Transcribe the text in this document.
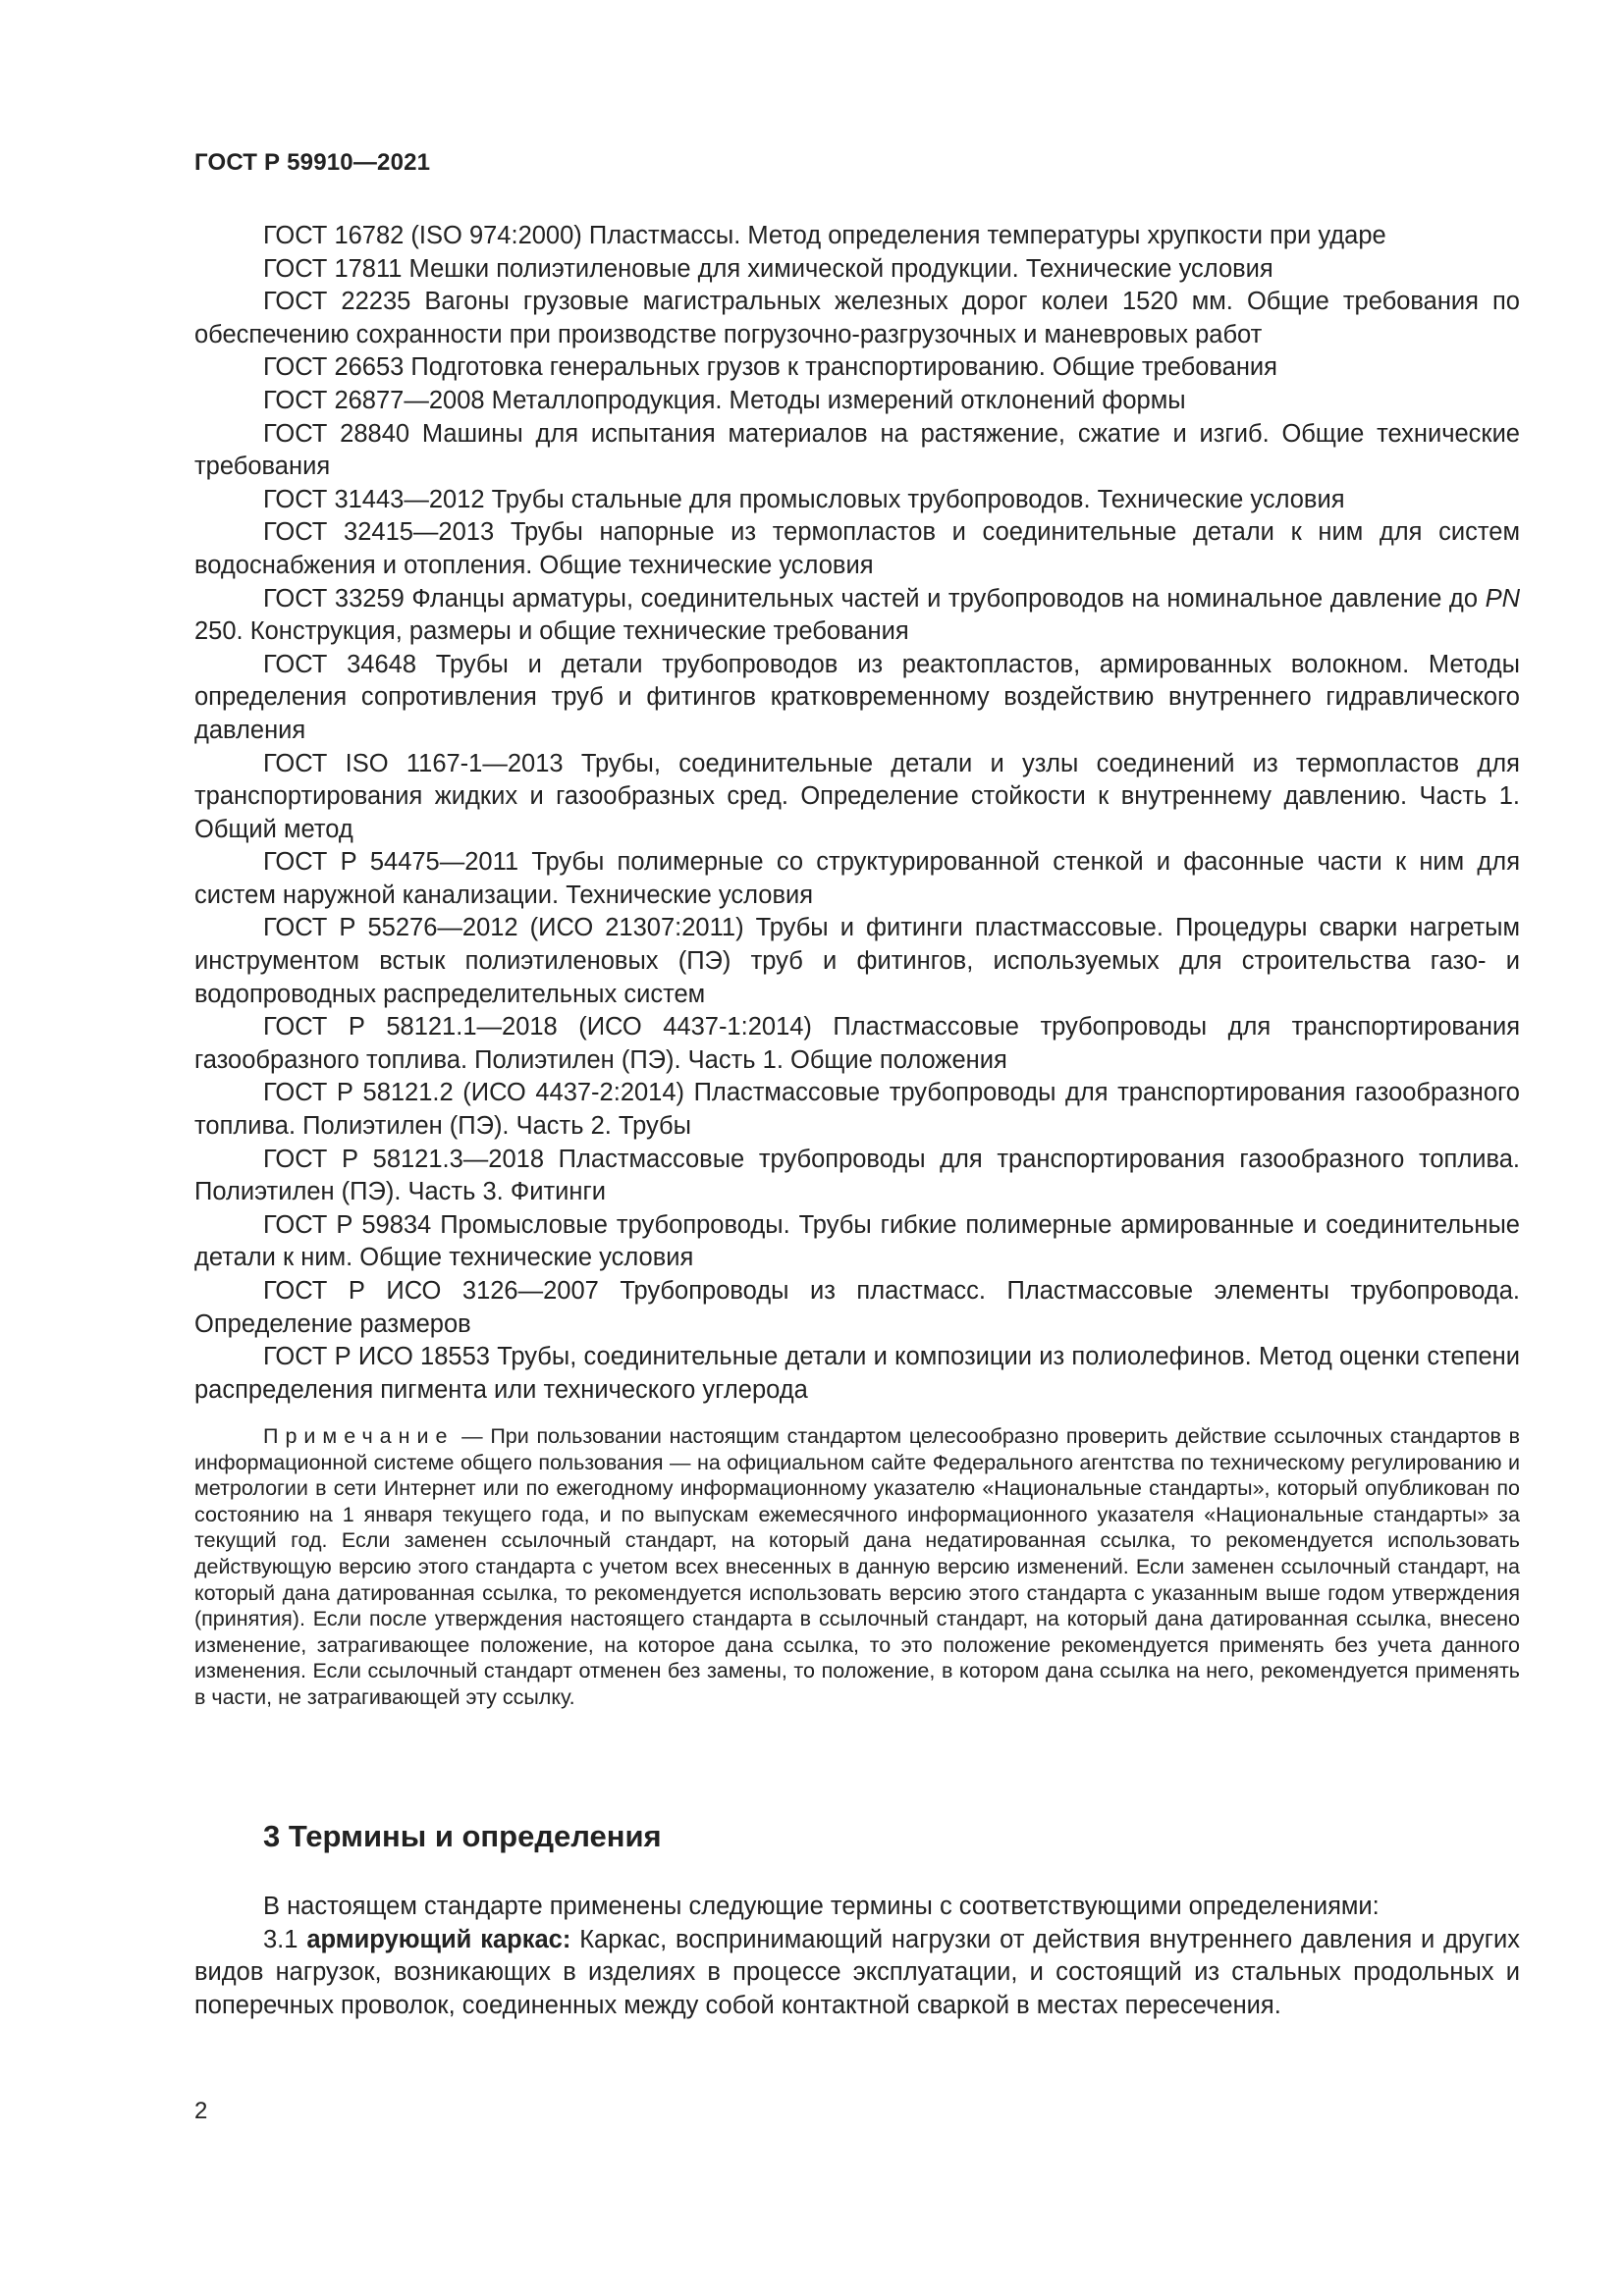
ГОСТ Р 59910—2021

ГОСТ 16782 (ISO 974:2000) Пластмассы. Метод определения температуры хрупкости при ударе

ГОСТ 17811 Мешки полиэтиленовые для химической продукции. Технические условия

ГОСТ 22235 Вагоны грузовые магистральных железных дорог колеи 1520 мм. Общие требования по обеспечению сохранности при производстве погрузочно-разгрузочных и маневровых работ

ГОСТ 26653 Подготовка генеральных грузов к транспортированию. Общие требования

ГОСТ 26877—2008 Металлопродукция. Методы измерений отклонений формы

ГОСТ 28840 Машины для испытания материалов на растяжение, сжатие и изгиб. Общие технические требования

ГОСТ 31443—2012 Трубы стальные для промысловых трубопроводов. Технические условия

ГОСТ 32415—2013 Трубы напорные из термопластов и соединительные детали к ним для систем водоснабжения и отопления. Общие технические условия

ГОСТ 33259 Фланцы арматуры, соединительных частей и трубопроводов на номинальное давление до PN 250. Конструкция, размеры и общие технические требования

ГОСТ 34648 Трубы и детали трубопроводов из реактопластов, армированных волокном. Методы определения сопротивления труб и фитингов кратковременному воздействию внутреннего гидравлического давления

ГОСТ ISO 1167-1—2013 Трубы, соединительные детали и узлы соединений из термопластов для транспортирования жидких и газообразных сред. Определение стойкости к внутреннему давлению. Часть 1. Общий метод

ГОСТ Р 54475—2011 Трубы полимерные со структурированной стенкой и фасонные части к ним для систем наружной канализации. Технические условия

ГОСТ Р 55276—2012 (ИСО 21307:2011) Трубы и фитинги пластмассовые. Процедуры сварки нагретым инструментом встык полиэтиленовых (ПЭ) труб и фитингов, используемых для строительства газо- и водопроводных распределительных систем

ГОСТ Р 58121.1—2018 (ИСО 4437-1:2014) Пластмассовые трубопроводы для транспортирования газообразного топлива. Полиэтилен (ПЭ). Часть 1. Общие положения

ГОСТ Р 58121.2 (ИСО 4437-2:2014) Пластмассовые трубопроводы для транспортирования газообразного топлива. Полиэтилен (ПЭ). Часть 2. Трубы

ГОСТ Р 58121.3—2018 Пластмассовые трубопроводы для транспортирования газообразного топлива. Полиэтилен (ПЭ). Часть 3. Фитинги

ГОСТ Р 59834 Промысловые трубопроводы. Трубы гибкие полимерные армированные и соединительные детали к ним. Общие технические условия

ГОСТ Р ИСО 3126—2007 Трубопроводы из пластмасс. Пластмассовые элементы трубопровода. Определение размеров

ГОСТ Р ИСО 18553 Трубы, соединительные детали и композиции из полиолефинов. Метод оценки степени распределения пигмента или технического углерода

Примечание — При пользовании настоящим стандартом целесообразно проверить действие ссылочных стандартов в информационной системе общего пользования — на официальном сайте Федерального агентства по техническому регулированию и метрологии в сети Интернет или по ежегодному информационному указателю «Национальные стандарты», который опубликован по состоянию на 1 января текущего года, и по выпускам ежемесячного информационного указателя «Национальные стандарты» за текущий год. Если заменен ссылочный стандарт, на который дана недатированная ссылка, то рекомендуется использовать действующую версию этого стандарта с учетом всех внесенных в данную версию изменений. Если заменен ссылочный стандарт, на который дана датированная ссылка, то рекомендуется использовать версию этого стандарта с указанным выше годом утверждения (принятия). Если после утверждения настоящего стандарта в ссылочный стандарт, на который дана датированная ссылка, внесено изменение, затрагивающее положение, на которое дана ссылка, то это положение рекомендуется применять без учета данного изменения. Если ссылочный стандарт отменен без замены, то положение, в котором дана ссылка на него, рекомендуется применять в части, не затрагивающей эту ссылку.

3 Термины и определения

В настоящем стандарте применены следующие термины с соответствующими определениями:

3.1 армирующий каркас: Каркас, воспринимающий нагрузки от действия внутреннего давления и других видов нагрузок, возникающих в изделиях в процессе эксплуатации, и состоящий из стальных продольных и поперечных проволок, соединенных между собой контактной сваркой в местах пересечения.

2
